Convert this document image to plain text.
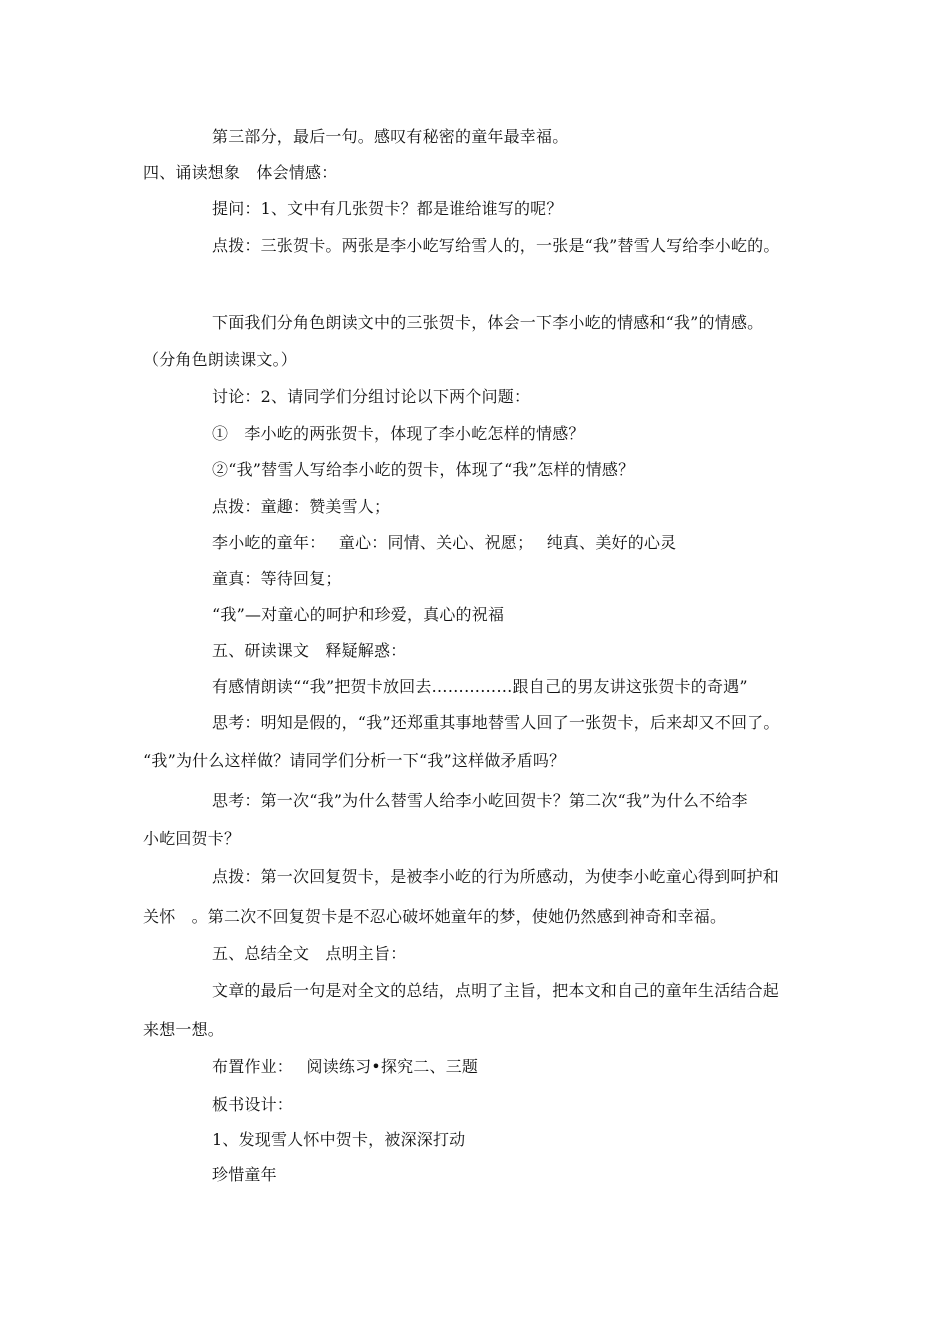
第三部分，最后一句。感叹有秘密的童年最幸福。
四、诵读想象　体会情感：
提问：1、文中有几张贺卡？都是谁给谁写的呢？
点拨：三张贺卡。两张是李小屹写给雪人的，一张是“我”替雪人写给李小屹的。
下面我们分角色朗读文中的三张贺卡，体会一下李小屹的情感和“我”的情感。
（分角色朗读课文。）
讨论：2、请同学们分组讨论以下两个问题：
①　李小屹的两张贺卡，体现了李小屹怎样的情感？
②“我”替雪人写给李小屹的贺卡，体现了“我”怎样的情感？
点拨：童趣：赞美雪人；
李小屹的童年：　 童心：同情、关心、祝愿；　 纯真、美好的心灵
童真：等待回复；
“我”—对童心的呵护和珍爱，真心的祝福
五、研读课文　释疑解惑：
有感情朗读““我”把贺卡放回去……………跟自己的男友讲这张贺卡的奇遇”
思考：明知是假的，“我”还郑重其事地替雪人回了一张贺卡，后来却又不回了。
“我”为什么这样做？请同学们分析一下“我”这样做矛盾吗？
思考：第一次“我”为什么替雪人给李小屹回贺卡？第二次“我”为什么不给李
小屹回贺卡？
点拨：第一次回复贺卡，是被李小屹的行为所感动，为使李小屹童心得到呵护和
关怀　。第二次不回复贺卡是不忍心破坏她童年的梦，使她仍然感到神奇和幸福。
五、总结全文　点明主旨：
文章的最后一句是对全文的总结，点明了主旨，把本文和自己的童年生活结合起
来想一想。
布置作业：　 阅读练习•探究二、三题
板书设计：
1、发现雪人怀中贺卡，被深深打动
珍惜童年
